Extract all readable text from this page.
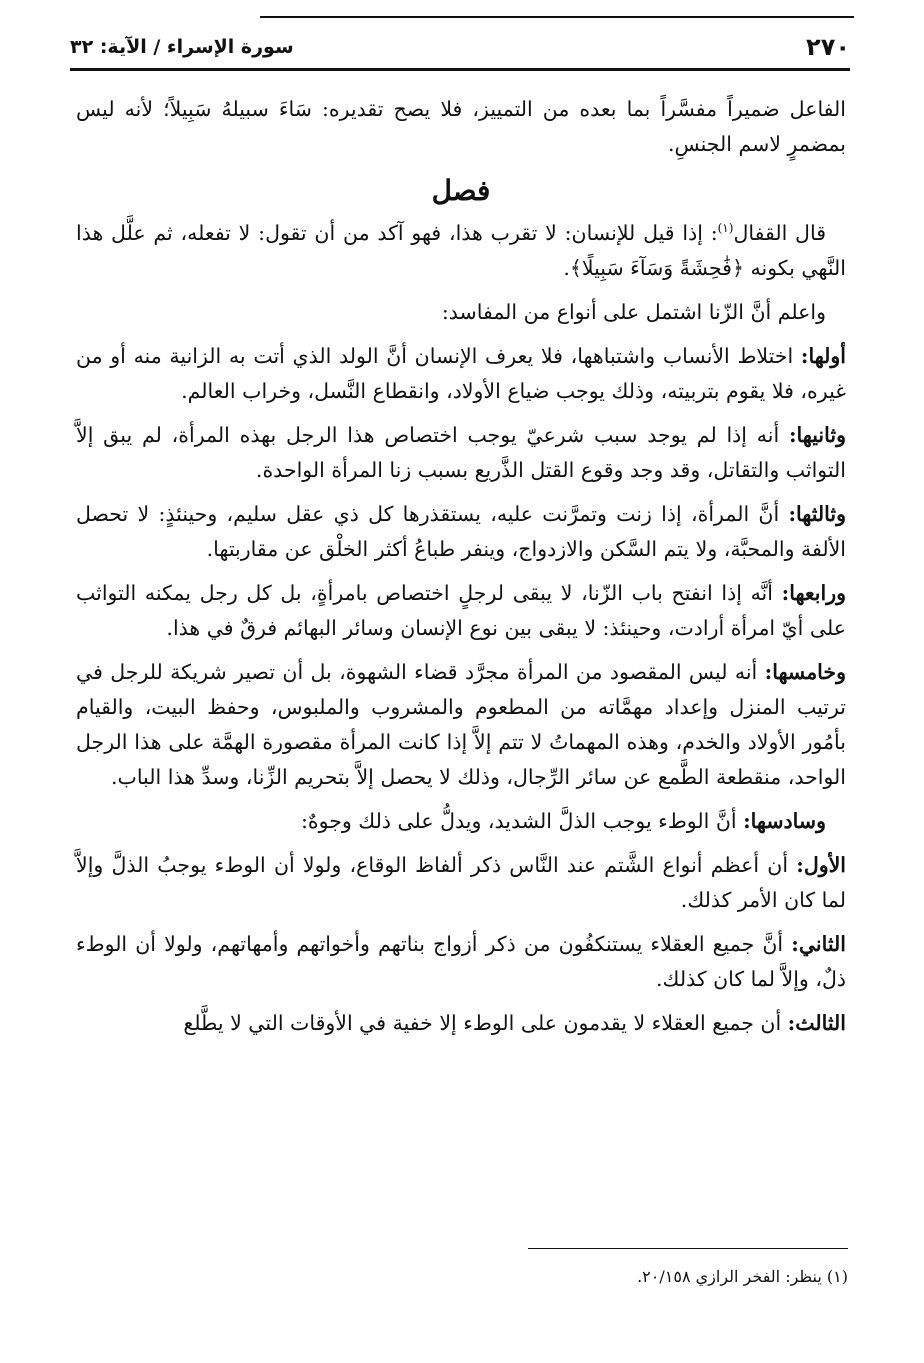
٢٧٠
سورة الإسراء / الآية: ٣٢

الفاعل ضميراً مفسَّراً بما بعده من التمييز، فلا يصح تقديره: سَاءَ سبيلهُ سَبِيلاً؛ لأنه ليس بمضمرٍ لاسم الجنسِ.

فصل

قال القفال$^{(١)}$: إذا قيل للإنسان: لا تقرب هذا، فهو آكد من أن تقول: لا تفعله، ثم علَّل هذا النَّهي بكونه ﴿فَٰحِشَةً وَسَآءَ سَبِيلًا﴾.

واعلم أنَّ الزّنا اشتمل على أنواع من المفاسد:

أولها: اختلاط الأنساب واشتباهها، فلا يعرف الإنسان أنَّ الولد الذي أتت به الزانية منه أو من غيره، فلا يقوم بتربيته، وذلك يوجب ضياع الأولاد، وانقطاع النَّسل، وخراب العالم.

وثانيها: أنه إذا لم يوجد سبب شرعيّ يوجب اختصاص هذا الرجل بهذه المرأة، لم يبق إلاَّ التواثب والتقاتل، وقد وجد وقوع القتل الذَّريع بسبب زنا المرأة الواحدة.

وثالثها: أنَّ المرأة، إذا زنت وتمرَّنت عليه، يستقذرها كل ذي عقل سليم، وحينئذٍ: لا تحصل الألفة والمحبَّة، ولا يتم السَّكن والازدواج، وينفر طباعُ أكثر الخلْق عن مقاربتها.

ورابعها: أنَّه إذا انفتح باب الزّنا، لا يبقى لرجلٍ اختصاص بامرأةٍ، بل كل رجل يمكنه التواثب على أيّ امرأة أرادت، وحينئذ: لا يبقى بين نوع الإنسان وسائر البهائم فرقٌ في هذا.

وخامسها: أنه ليس المقصود من المرأة مجرَّد قضاء الشهوة، بل أن تصير شريكة للرجل في ترتيب المنزل وإعداد مهمَّاته من المطعوم والمشروب والملبوس، وحفظ البيت، والقيام بأمُور الأولاد والخدم، وهذه المهماتُ لا تتم إلاَّ إذا كانت المرأة مقصورة الهمَّة على هذا الرجل الواحد، منقطعة الطَّمع عن سائر الرِّجال، وذلك لا يحصل إلاَّ بتحريم الزِّنا، وسدِّ هذا الباب.

وسادسها: أنَّ الوطء يوجب الذلَّ الشديد، ويدلُّ على ذلك وجوهٌ:

الأول: أن أعظم أنواع الشَّتم عند النَّاس ذكر ألفاظ الوقاع، ولولا أن الوطء يوجبُ الذلَّ وإلاَّ لما كان الأمر كذلك.

الثاني: أنَّ جميع العقلاء يستنكفُون من ذكر أزواج بناتهم وأخواتهم وأمهاتهم، ولولا أن الوطء ذلٌ، وإلاَّ لما كان كذلك.

الثالث: أن جميع العقلاء لا يقدمون على الوطء إلا خفية في الأوقات التي لا يطَّلع

(١) ينظر: الفخر الرازي ٢٠/١٥٨.
